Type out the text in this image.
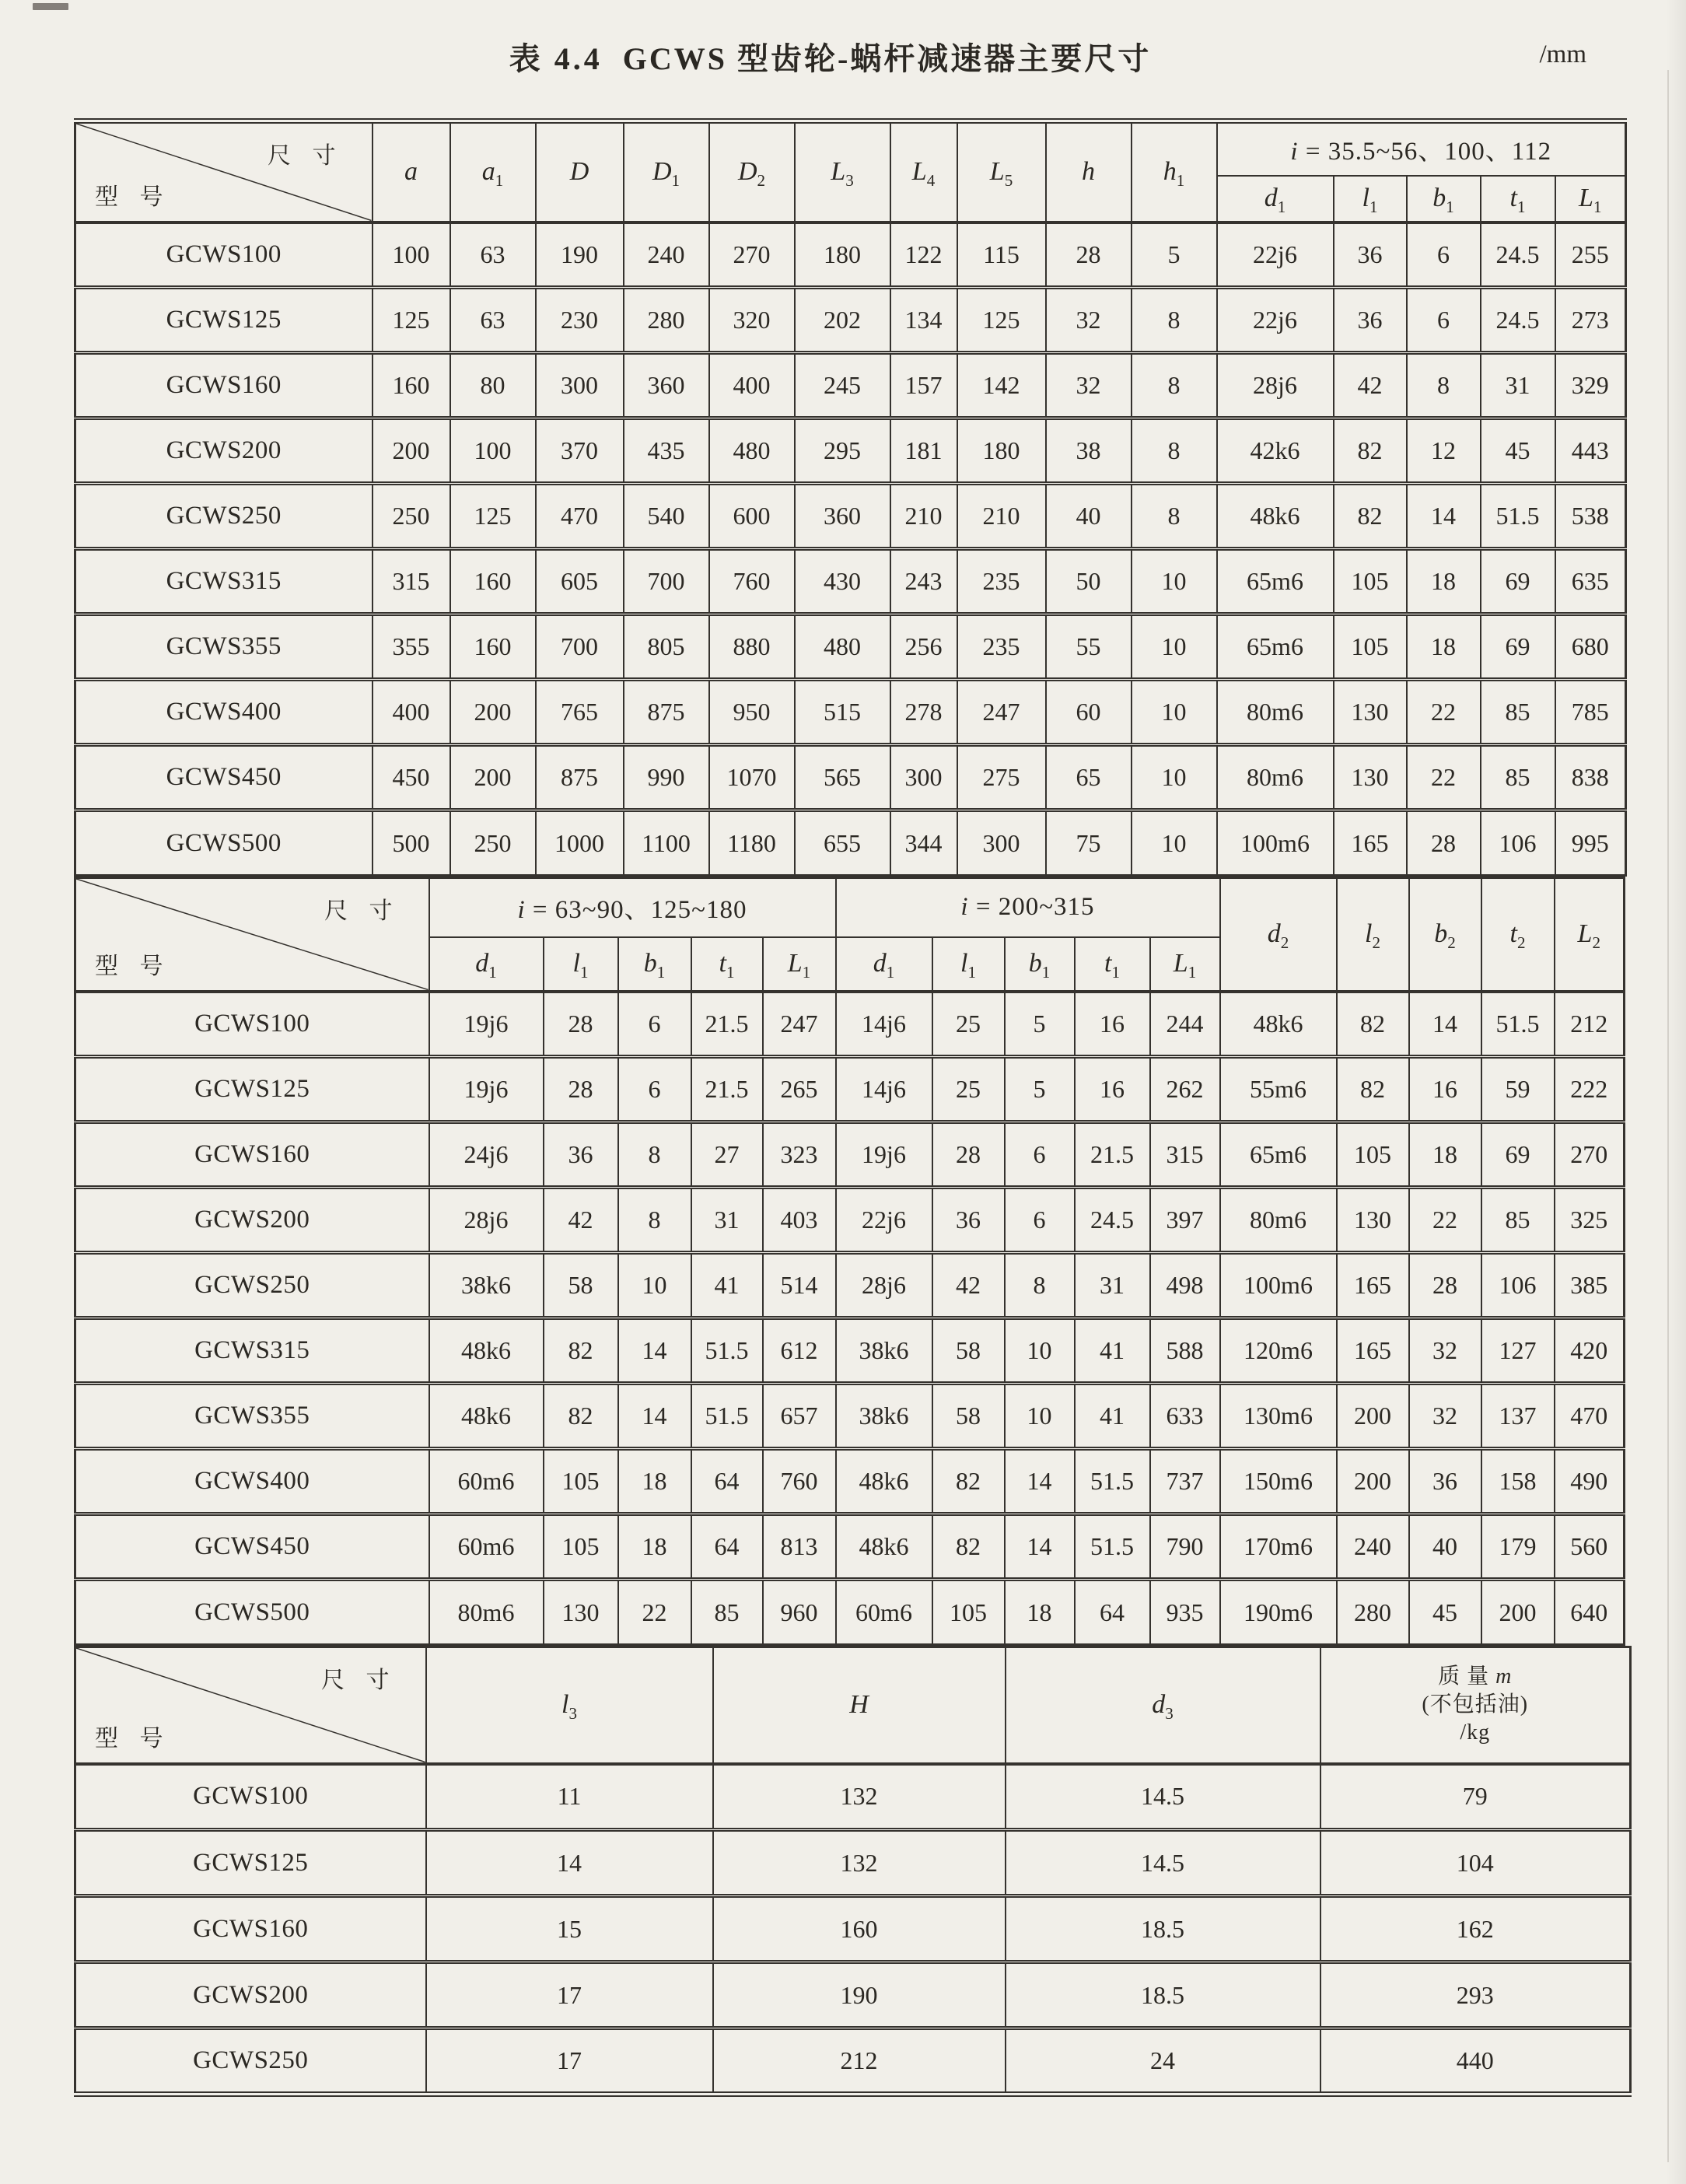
表 4.4 GCWS 型齿轮-蜗杆减速器主要尺寸	/mm
尺 寸
型 号	a	$a_1$	D	$D_1$	$D_2$	$L_3$	$L_4$	$L_5$	h	$h_1$	i = 35.5~56、100、112				
											$d_1$	$l_1$	$b_1$	$t_1$	$L_1$
GCWS100	100	63	190	240	270	180	122	115	28	5	22j6	36	6	24.5	255
GCWS125	125	63	230	280	320	202	134	125	32	8	22j6	36	6	24.5	273
GCWS160	160	80	300	360	400	245	157	142	32	8	28j6	42	8	31	329
GCWS200	200	100	370	435	480	295	181	180	38	8	42k6	82	12	45	443
GCWS250	250	125	470	540	600	360	210	210	40	8	48k6	82	14	51.5	538
GCWS315	315	160	605	700	760	430	243	235	50	10	65m6	105	18	69	635
GCWS355	355	160	700	805	880	480	256	235	55	10	65m6	105	18	69	680
GCWS400	400	200	765	875	950	515	278	247	60	10	80m6	130	22	85	785
GCWS450	450	200	875	990	1070	565	300	275	65	10	80m6	130	22	85	838
GCWS500	500	250	1000	1100	1180	655	344	300	75	10	100m6	165	28	106	995
尺 寸
型 号	i = 63~90、125~180					i = 200~315					$d_2$	$l_2$	$b_2$	$t_2$	$L_2$
	$d_1$	$l_1$	$b_1$	$t_1$	$L_1$	$d_1$	$l_1$	$b_1$	$t_1$	$L_1$
GCWS100	19j6	28	6	21.5	247	14j6	25	5	16	244	48k6	82	14	51.5	212
GCWS125	19j6	28	6	21.5	265	14j6	25	5	16	262	55m6	82	16	59	222
GCWS160	24j6	36	8	27	323	19j6	28	6	21.5	315	65m6	105	18	69	270
GCWS200	28j6	42	8	31	403	22j6	36	6	24.5	397	80m6	130	22	85	325
GCWS250	38k6	58	10	41	514	28j6	42	8	31	498	100m6	165	28	106	385
GCWS315	48k6	82	14	51.5	612	38k6	58	10	41	588	120m6	165	32	127	420
GCWS355	48k6	82	14	51.5	657	38k6	58	10	41	633	130m6	200	32	137	470
GCWS400	60m6	105	18	64	760	48k6	82	14	51.5	737	150m6	200	36	158	490
GCWS450	60m6	105	18	64	813	48k6	82	14	51.5	790	170m6	240	40	179	560
GCWS500	80m6	130	22	85	960	60m6	105	18	64	935	190m6	280	45	200	640
尺 寸
型 号	$l_3$	H	$d_3$	质 量 m
(不包括油)
/kg
GCWS100	11	132	14.5	79
GCWS125	14	132	14.5	104
GCWS160	15	160	18.5	162
GCWS200	17	190	18.5	293
GCWS250	17	212	24	440
